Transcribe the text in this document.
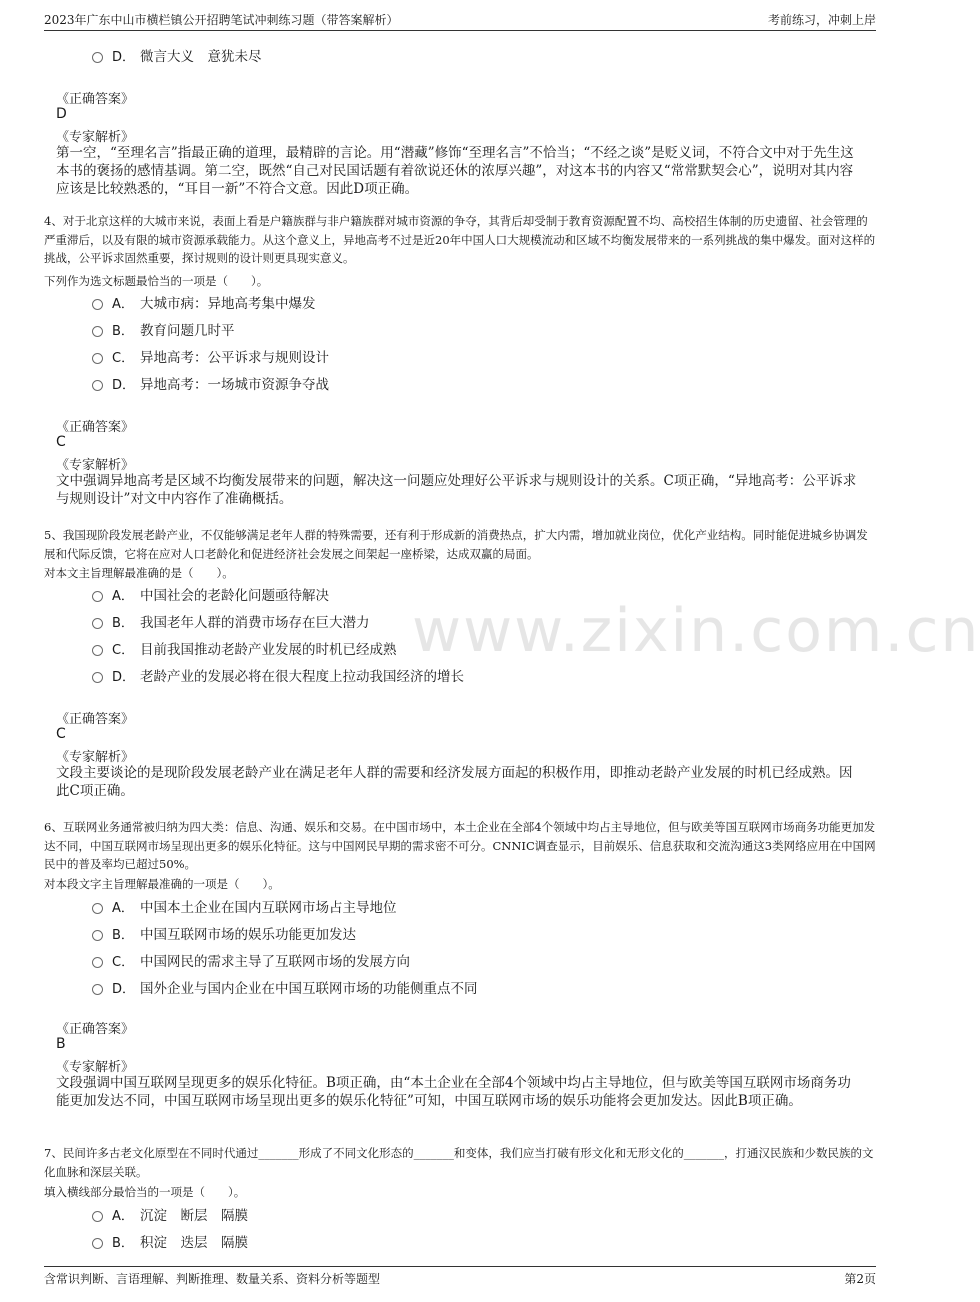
2023年广东中山市横栏镇公开招聘笔试冲刺练习题（带答案解析）	考前练习，冲刺上岸
www.zixin.com.cn
D． 微言大义　意犹未尽
《正确答案》
D
《专家解析》
第一空，“至理名言”指最正确的道理，最精辟的言论。用“潜藏”修饰“至理名言”不恰当；“不经之谈”是贬义词，不符合文中对于先生这本书的褒扬的感情基调。第二空，既然“自己对民国话题有着欲说还休的浓厚兴趣”，对这本书的内容又“常常默契会心”，说明对其内容应该是比较熟悉的，“耳目一新”不符合文意。因此D项正确。
4、对于北京这样的大城市来说，表面上看是户籍族群与非户籍族群对城市资源的争夺，其背后却受制于教育资源配置不均、高校招生体制的历史遗留、社会管理的严重滞后，以及有限的城市资源承载能力。从这个意义上，异地高考不过是近20年中国人口大规模流动和区域不均衡发展带来的一系列挑战的集中爆发。面对这样的挑战，公平诉求固然重要，探讨规则的设计则更具现实意义。
下列作为选文标题最恰当的一项是（　　）。
A． 大城市病：异地高考集中爆发
B． 教育问题几时平
C． 异地高考：公平诉求与规则设计
D． 异地高考：一场城市资源争夺战
《正确答案》
C
《专家解析》
文中强调异地高考是区域不均衡发展带来的问题，解决这一问题应处理好公平诉求与规则设计的关系。C项正确，“异地高考：公平诉求与规则设计”对文中内容作了准确概括。
5、我国现阶段发展老龄产业，不仅能够满足老年人群的特殊需要，还有利于形成新的消费热点，扩大内需，增加就业岗位，优化产业结构。同时能促进城乡协调发展和代际反馈，它将在应对人口老龄化和促进经济社会发展之间架起一座桥梁，达成双赢的局面。
对本文主旨理解最准确的是（　　）。
A． 中国社会的老龄化问题亟待解决
B． 我国老年人群的消费市场存在巨大潜力
C． 目前我国推动老龄产业发展的时机已经成熟
D． 老龄产业的发展必将在很大程度上拉动我国经济的增长
《正确答案》
C
《专家解析》
文段主要谈论的是现阶段发展老龄产业在满足老年人群的需要和经济发展方面起的积极作用，即推动老龄产业发展的时机已经成熟。因此C项正确。
6、互联网业务通常被归纳为四大类：信息、沟通、娱乐和交易。在中国市场中，本土企业在全部4个领域中均占主导地位，但与欧美等国互联网市场商务功能更加发达不同，中国互联网市场呈现出更多的娱乐化特征。这与中国网民早期的需求密不可分。CNNIC调查显示，目前娱乐、信息获取和交流沟通这3类网络应用在中国网民中的普及率均已超过50%。
对本段文字主旨理解最准确的一项是（　　）。
A． 中国本土企业在国内互联网市场占主导地位
B． 中国互联网市场的娱乐功能更加发达
C． 中国网民的需求主导了互联网市场的发展方向
D． 国外企业与国内企业在中国互联网市场的功能侧重点不同
《正确答案》
B
《专家解析》
文段强调中国互联网呈现更多的娱乐化特征。B项正确，由“本土企业在全部4个领域中均占主导地位，但与欧美等国互联网市场商务功能更加发达不同，中国互联网市场呈现出更多的娱乐化特征”可知，中国互联网市场的娱乐功能将会更加发达。因此B项正确。
7、民间许多古老文化原型在不同时代通过_______形成了不同文化形态的_______和变体，我们应当打破有形文化和无形文化的_______，打通汉民族和少数民族的文化血脉和深层关联。
填入横线部分最恰当的一项是（　　）。
A． 沉淀　断层　隔膜
B． 积淀　迭层　隔膜
含常识判断、言语理解、判断推理、数量关系、资料分析等题型	第2页
